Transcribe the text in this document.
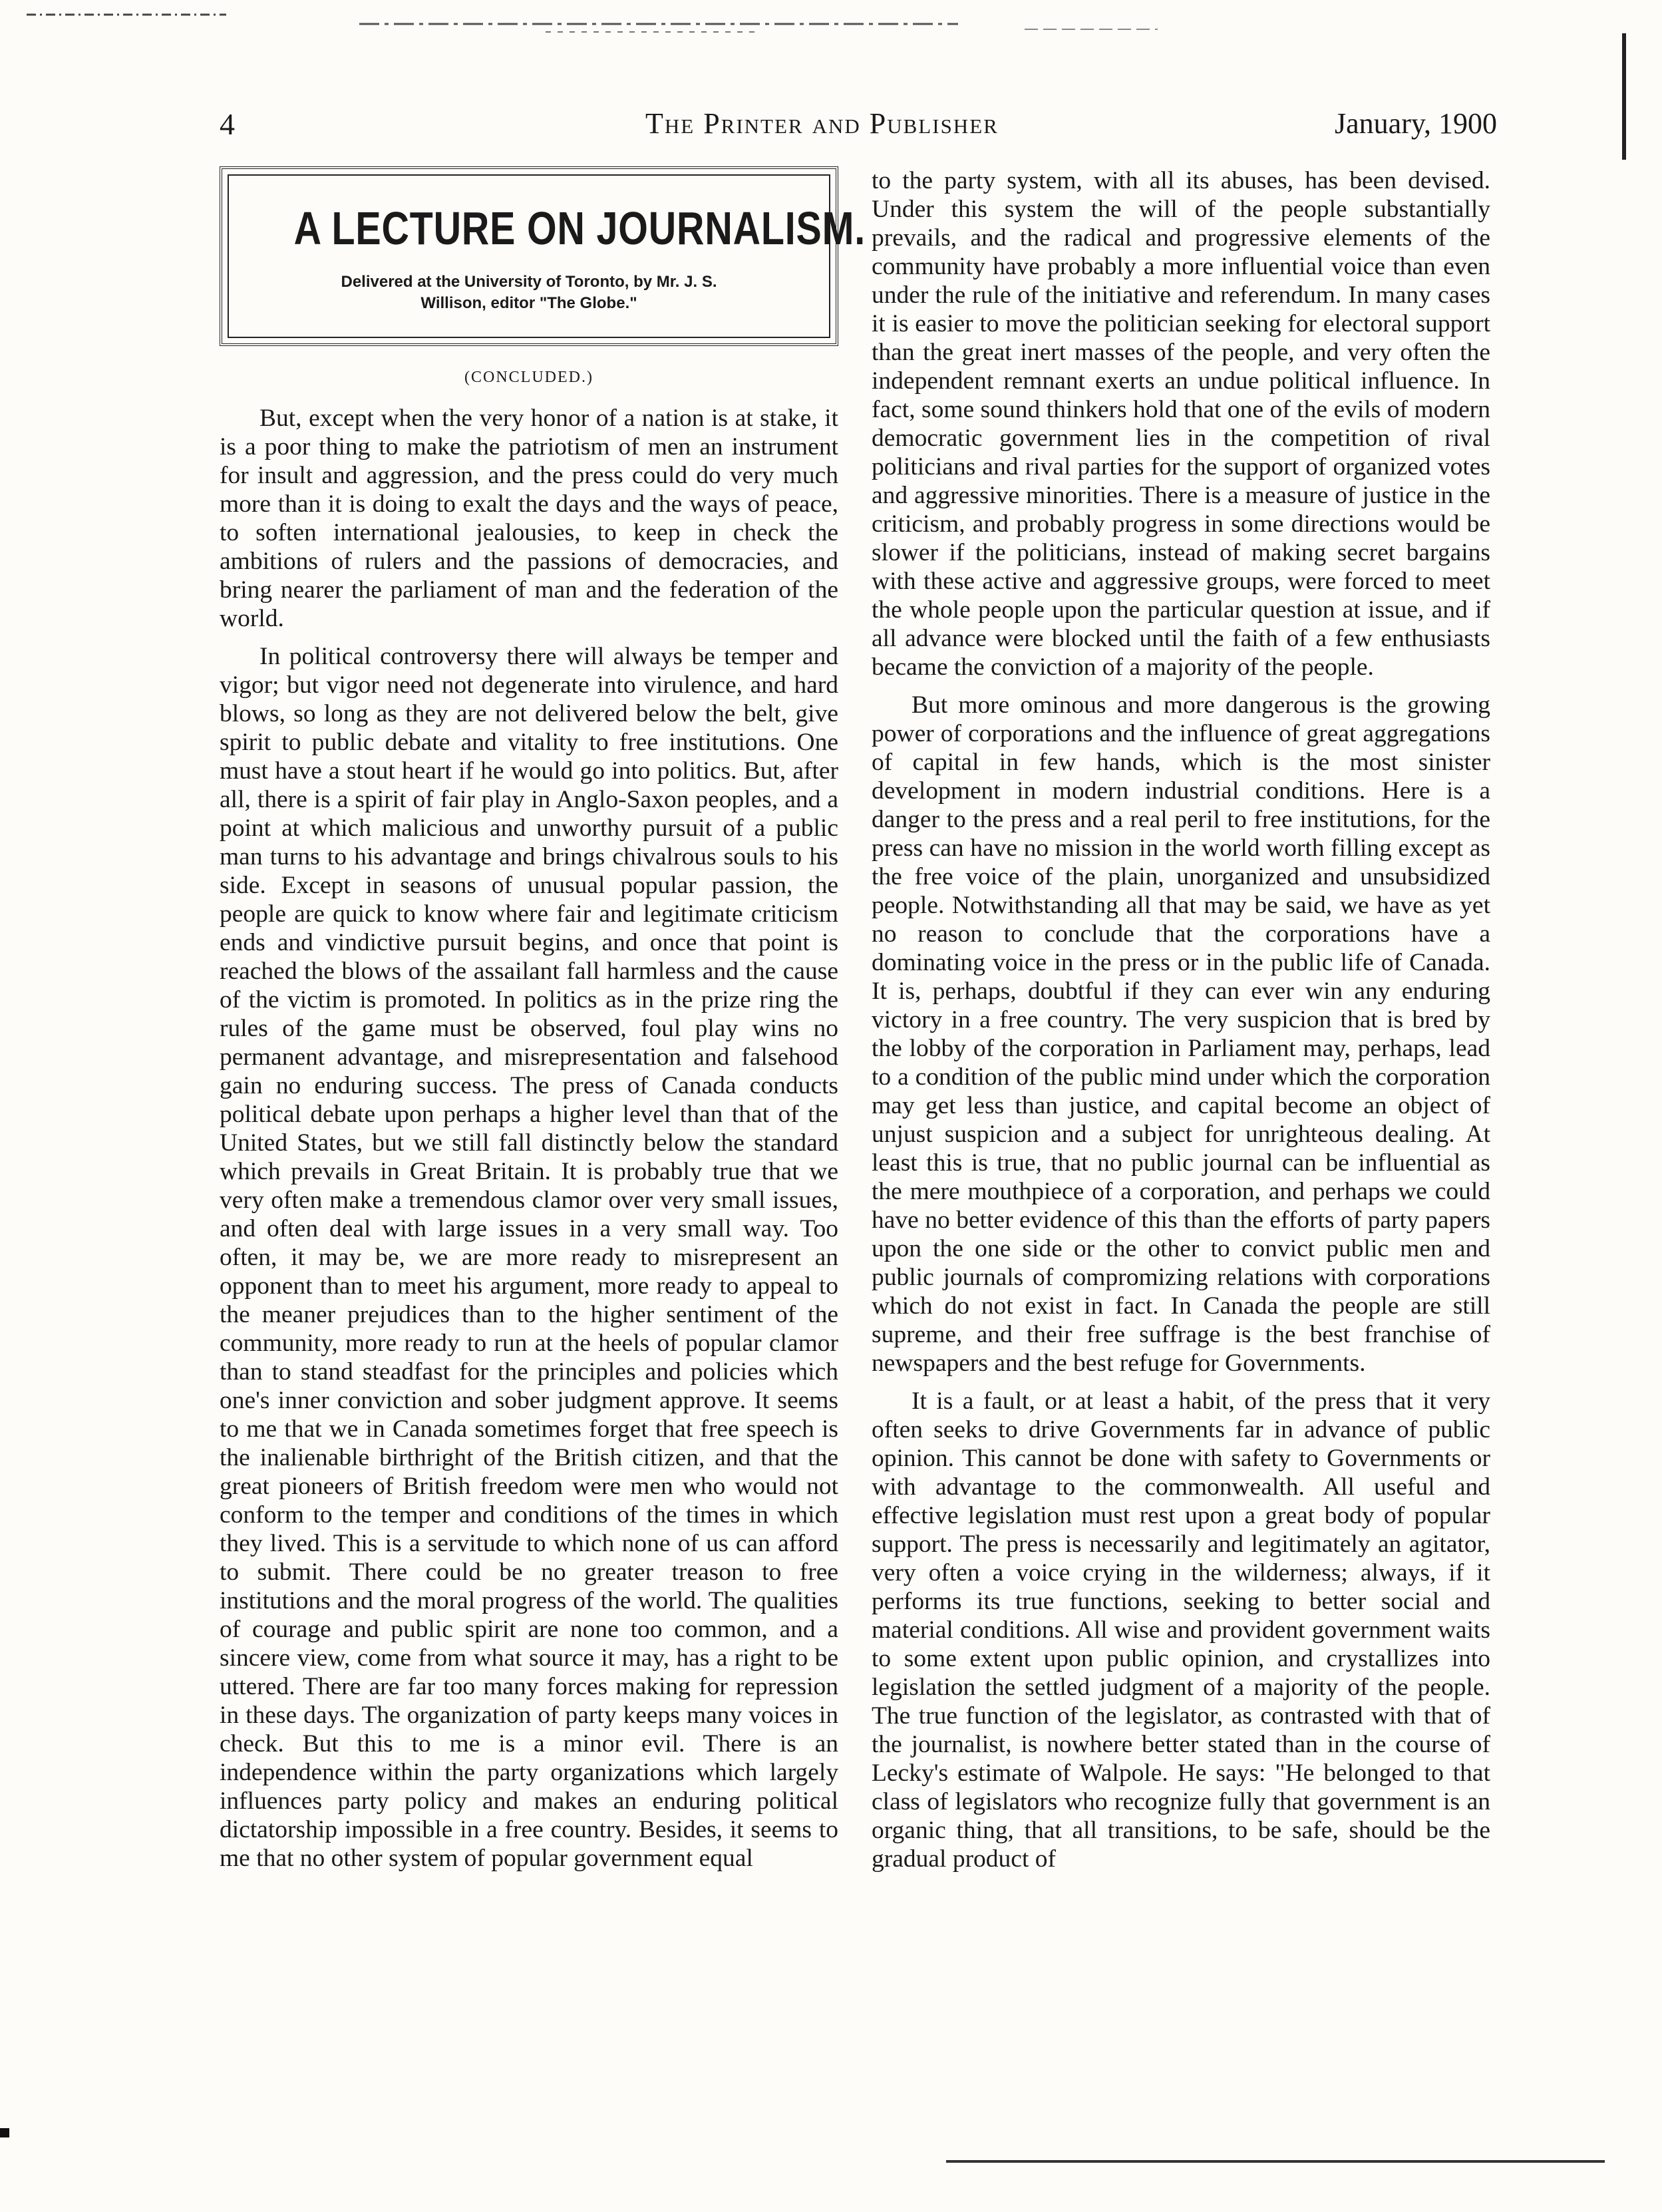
4	The Printer and Publisher	January, 1900
A LECTURE ON JOURNALISM.
Delivered at the University of Toronto, by Mr. J. S. Willison, editor "The Globe."
(CONCLUDED.)

But, except when the very honor of a nation is at stake, it is a poor thing to make the patriotism of men an instrument for insult and aggression, and the press could do very much more than it is doing to exalt the days and the ways of peace, to soften international jealousies, to keep in check the ambitions of rulers and the passions of democracies, and bring nearer the parliament of man and the federation of the world.

In political controversy there will always be temper and vigor; but vigor need not degenerate into virulence, and hard blows, so long as they are not delivered below the belt, give spirit to public debate and vitality to free institutions. One must have a stout heart if he would go into politics. But, after all, there is a spirit of fair play in Anglo-Saxon peoples, and a point at which malicious and unworthy pursuit of a public man turns to his advantage and brings chivalrous souls to his side. Except in seasons of unusual popular passion, the people are quick to know where fair and legitimate criticism ends and vindictive pursuit begins, and once that point is reached the blows of the assailant fall harmless and the cause of the victim is promoted. In politics as in the prize ring the rules of the game must be observed, foul play wins no permanent advantage, and misrepresentation and falsehood gain no enduring success. The press of Canada conducts political debate upon perhaps a higher level than that of the United States, but we still fall distinctly below the standard which prevails in Great Britain. It is probably true that we very often make a tremendous clamor over very small issues, and often deal with large issues in a very small way. Too often, it may be, we are more ready to misrepresent an opponent than to meet his argument, more ready to appeal to the meaner prejudices than to the higher sentiment of the community, more ready to run at the heels of popular clamor than to stand steadfast for the principles and policies which one's inner conviction and sober judgment approve. It seems to me that we in Canada sometimes forget that free speech is the inalienable birthright of the British citizen, and that the great pioneers of British freedom were men who would not conform to the temper and conditions of the times in which they lived. This is a servitude to which none of us can afford to submit. There could be no greater treason to free institutions and the moral progress of the world. The qualities of courage and public spirit are none too common, and a sincere view, come from what source it may, has a right to be uttered. There are far too many forces making for repression in these days. The organization of party keeps many voices in check. But this to me is a minor evil. There is an independence within the party organizations which largely influences party policy and makes an enduring political dictatorship impossible in a free country. Besides, it seems to me that no other system of popular government equal

to the party system, with all its abuses, has been devised. Under this system the will of the people substantially prevails, and the radical and progressive elements of the community have probably a more influential voice than even under the rule of the initiative and referendum. In many cases it is easier to move the politician seeking for electoral support than the great inert masses of the people, and very often the independent remnant exerts an undue political influence. In fact, some sound thinkers hold that one of the evils of modern democratic government lies in the competition of rival politicians and rival parties for the support of organized votes and aggressive minorities. There is a measure of justice in the criticism, and probably progress in some directions would be slower if the politicians, instead of making secret bargains with these active and aggressive groups, were forced to meet the whole people upon the particular question at issue, and if all advance were blocked until the faith of a few enthusiasts became the conviction of a majority of the people.

But more ominous and more dangerous is the growing power of corporations and the influence of great aggregations of capital in few hands, which is the most sinister development in modern industrial conditions. Here is a danger to the press and a real peril to free institutions, for the press can have no mission in the world worth filling except as the free voice of the plain, unorganized and unsubsidized people. Notwithstanding all that may be said, we have as yet no reason to conclude that the corporations have a dominating voice in the press or in the public life of Canada. It is, perhaps, doubtful if they can ever win any enduring victory in a free country. The very suspicion that is bred by the lobby of the corporation in Parliament may, perhaps, lead to a condition of the public mind under which the corporation may get less than justice, and capital become an object of unjust suspicion and a subject for unrighteous dealing. At least this is true, that no public journal can be influential as the mere mouthpiece of a corporation, and perhaps we could have no better evidence of this than the efforts of party papers upon the one side or the other to convict public men and public journals of compromizing relations with corporations which do not exist in fact. In Canada the people are still supreme, and their free suffrage is the best franchise of newspapers and the best refuge for Governments.

It is a fault, or at least a habit, of the press that it very often seeks to drive Governments far in advance of public opinion. This cannot be done with safety to Governments or with advantage to the commonwealth. All useful and effective legislation must rest upon a great body of popular support. The press is necessarily and legitimately an agitator, very often a voice crying in the wilderness; always, if it performs its true functions, seeking to better social and material conditions. All wise and provident government waits to some extent upon public opinion, and crystallizes into legislation the settled judgment of a majority of the people. The true function of the legislator, as contrasted with that of the journalist, is nowhere better stated than in the course of Lecky's estimate of Walpole. He says: "He belonged to that class of legislators who recognize fully that government is an organic thing, that all transitions, to be safe, should be the gradual product of
